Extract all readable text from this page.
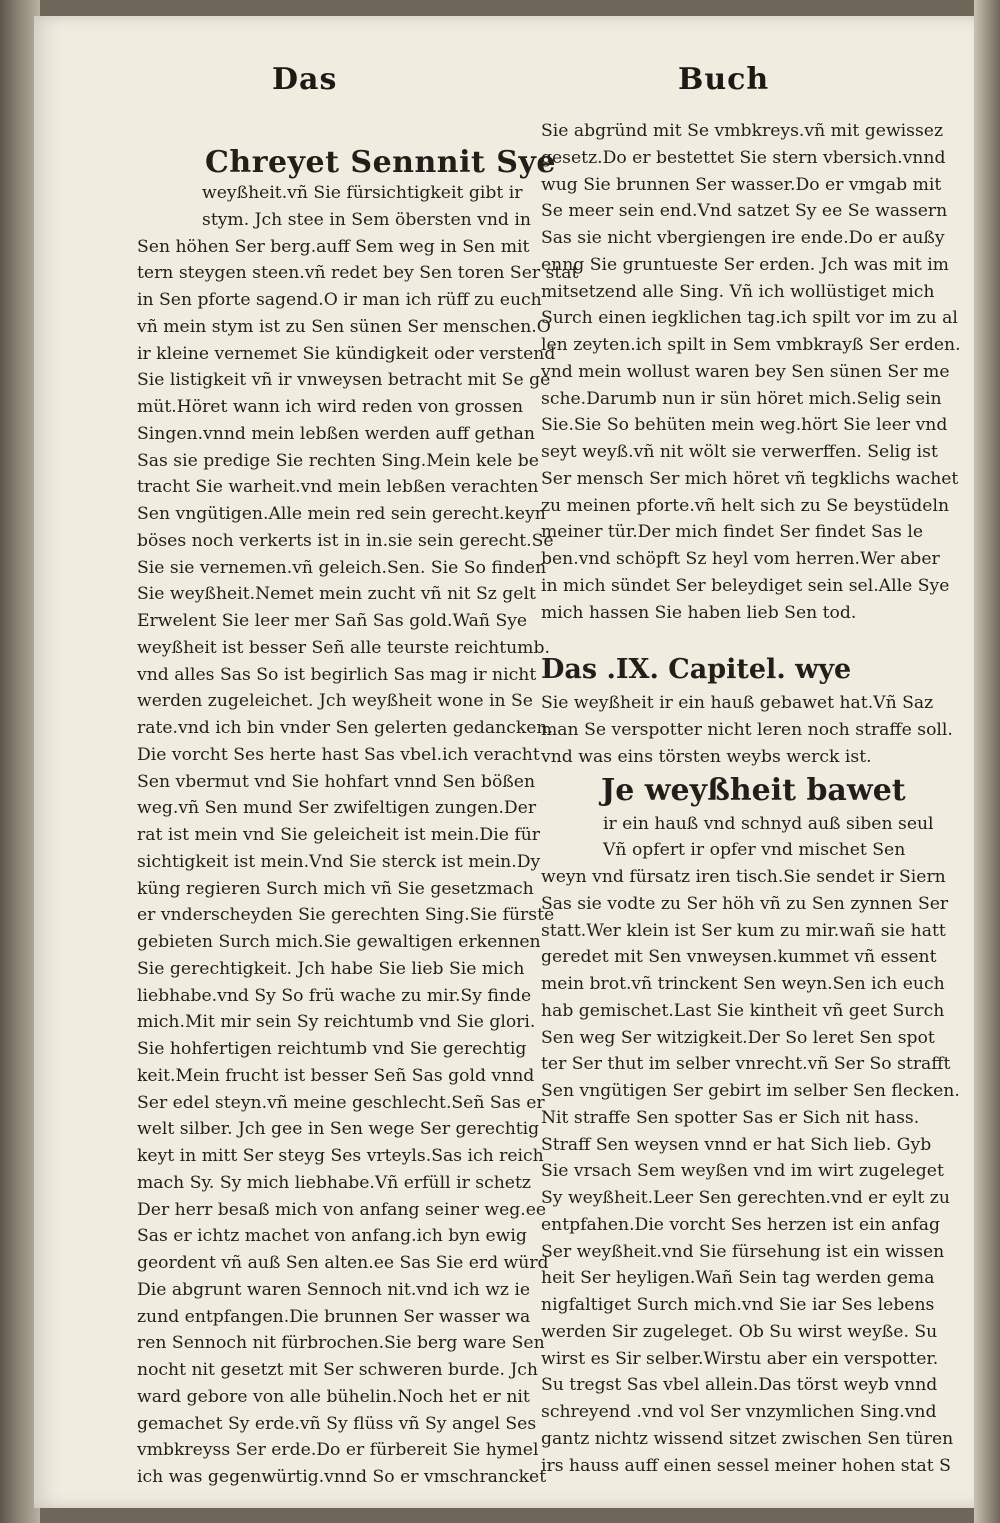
Das	Buch
Chreyet Sennnit Sye
weyßheit.vñ Sie fürsichtigkeit gibt ir
stym. Jch stee in Sem öbersten vnd in
Sen höhen Ser berg.auff Sem weg in Sen mit
tern steygen steen.vñ redet bey Sen toren Ser stat
in Sen pforte sagend.O ir man ich rüff zu euch
vñ mein stym ist zu Sen sünen Ser menschen.O
ir kleine vernemet Sie kündigkeit oder verstend
Sie listigkeit vñ ir vnweysen betracht mit Se ge
müt.Höret wann ich wird reden von grossen
Singen.vnnd mein lebßen werden auff gethan
Sas sie predige Sie rechten Sing.Mein kele be
tracht Sie warheit.vnd mein lebßen verachten
Sen vngütigen.Alle mein red sein gerecht.keyn
böses noch verkerts ist in in.sie sein gerecht.Se
Sie sie vernemen.vñ geleich.Sen. Sie So finden
Sie weyßheit.Nemet mein zucht vñ nit Sz gelt
Erwelent Sie leer mer Sañ Sas gold.Wañ Sye
weyßheit ist besser Señ alle teurste reichtumb.
vnd alles Sas So ist begirlich Sas mag ir nicht
werden zugeleichet. Jch weyßheit wone in Se
rate.vnd ich bin vnder Sen gelerten gedancken.
Die vorcht Ses herte hast Sas vbel.ich veracht
Sen vbermut vnd Sie hohfart vnnd Sen bößen
weg.vñ Sen mund Ser zwifeltigen zungen.Der
rat ist mein vnd Sie geleicheit ist mein.Die für
sichtigkeit ist mein.Vnd Sie sterck ist mein.Dy
küng regieren Surch mich vñ Sie gesetzmach
er vnderscheyden Sie gerechten Sing.Sie fürste
gebieten Surch mich.Sie gewaltigen erkennen
Sie gerechtigkeit. Jch habe Sie lieb Sie mich
liebhabe.vnd Sy So frü wache zu mir.Sy finde
mich.Mit mir sein Sy reichtumb vnd Sie glori.
Sie hohfertigen reichtumb vnd Sie gerechtig
keit.Mein frucht ist besser Señ Sas gold vnnd
Ser edel steyn.vñ meine geschlecht.Señ Sas er
welt silber. Jch gee in Sen wege Ser gerechtig
keyt in mitt Ser steyg Ses vrteyls.Sas ich reich
mach Sy. Sy mich liebhabe.Vñ erfüll ir schetz
Der herr besaß mich von anfang seiner weg.ee
Sas er ichtz machet von anfang.ich byn ewig
geordent vñ auß Sen alten.ee Sas Sie erd würd
Die abgrunt waren Sennoch nit.vnd ich wz ie
zund entpfangen.Die brunnen Ser wasser wa
ren Sennoch nit fürbrochen.Sie berg ware Sen
nocht nit gesetzt mit Ser schweren burde. Jch
ward gebore von alle bühelin.Noch het er nit
gemachet Sy erde.vñ Sy flüss vñ Sy angel Ses
vmbkreyss Ser erde.Do er fürbereit Sie hymel
ich was gegenwürtig.vnnd So er vmschrancket
Sie abgründ mit Se vmbkreys.vñ mit gewissez
gesetz.Do er bestettet Sie stern vbersich.vnnd
wug Sie brunnen Ser wasser.Do er vmgab mit
Se meer sein end.Vnd satzet Sy ee Se wassern
Sas sie nicht vbergiengen ire ende.Do er außy
enng Sie gruntueste Ser erden. Jch was mit im
mitsetzend alle Sing. Vñ ich wollüstiget mich
Surch einen iegklichen tag.ich spilt vor im zu al
len zeyten.ich spilt in Sem vmbkrayß Ser erden.
vnd mein wollust waren bey Sen sünen Ser me
sche.Darumb nun ir sün höret mich.Selig sein
Sie.Sie So behüten mein weg.hört Sie leer vnd
seyt weyß.vñ nit wölt sie verwerffen. Selig ist
Ser mensch Ser mich höret vñ tegklichs wachet
zu meinen pforte.vñ helt sich zu Se beystüdeln
meiner tür.Der mich findet Ser findet Sas le
ben.vnd schöpft Sz heyl vom herren.Wer aber
in mich sündet Ser beleydiget sein sel.Alle Sye
mich hassen Sie haben lieb Sen tod.
Das .IX. Capitel. wye
Sie weyßheit ir ein hauß gebawet hat.Vñ Saz
man Se verspotter nicht leren noch straffe soll.
vnd was eins törsten weybs werck ist.
Je weyßheit bawet
ir ein hauß vnd schnyd auß siben seul
Vñ opfert ir opfer vnd mischet Sen
weyn vnd fürsatz iren tisch.Sie sendet ir Siern
Sas sie vodte zu Ser höh vñ zu Sen zynnen Ser
statt.Wer klein ist Ser kum zu mir.wañ sie hatt
geredet mit Sen vnweysen.kummet vñ essent
mein brot.vñ trinckent Sen weyn.Sen ich euch
hab gemischet.Last Sie kintheit vñ geet Surch
Sen weg Ser witzigkeit.Der So leret Sen spot
ter Ser thut im selber vnrecht.vñ Ser So strafft
Sen vngütigen Ser gebirt im selber Sen flecken.
Nit straffe Sen spotter Sas er Sich nit hass.
Straff Sen weysen vnnd er hat Sich lieb. Gyb
Sie vrsach Sem weyßen vnd im wirt zugeleget
Sy weyßheit.Leer Sen gerechten.vnd er eylt zu
entpfahen.Die vorcht Ses herzen ist ein anfag
Ser weyßheit.vnd Sie fürsehung ist ein wissen
heit Ser heyligen.Wañ Sein tag werden gema
nigfaltiget Surch mich.vnd Sie iar Ses lebens
werden Sir zugeleget. Ob Su wirst weyße. Su
wirst es Sir selber.Wirstu aber ein verspotter.
Su tregst Sas vbel allein.Das törst weyb vnnd
schreyend .vnd vol Ser vnzymlichen Sing.vnd
gantz nichtz wissend sitzet zwischen Sen türen
irs hauss auff einen sessel meiner hohen stat S
